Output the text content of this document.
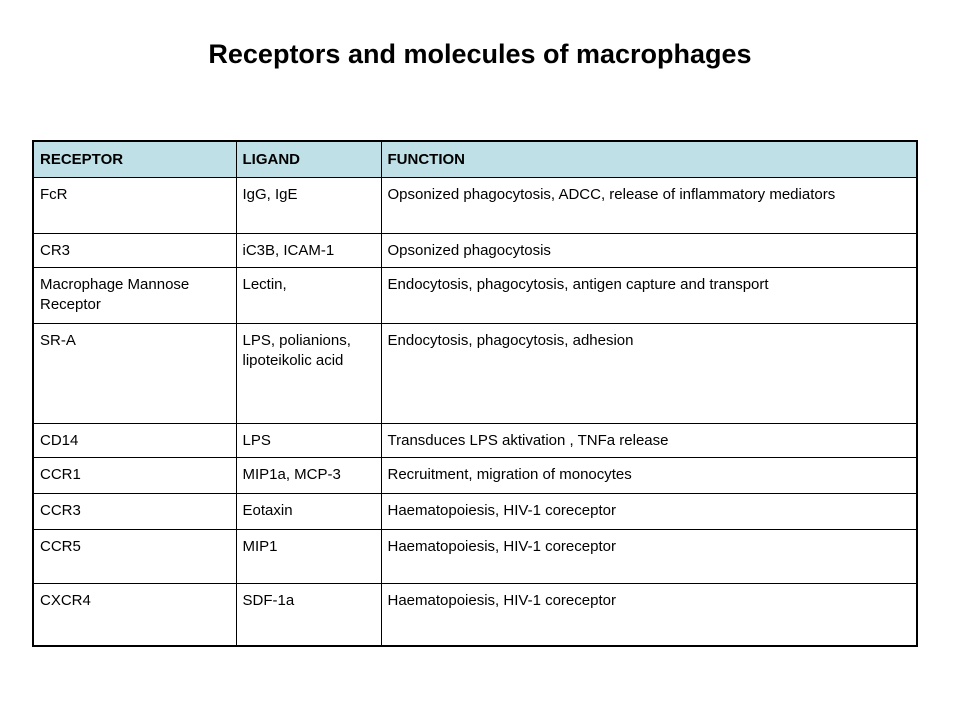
Receptors and molecules of macrophages
RECEPTOR	LIGAND	FUNCTION
FcR	IgG, IgE	Opsonized phagocytosis, ADCC, release of inflammatory mediators
CR3	iC3B, ICAM-1	Opsonized phagocytosis
Macrophage Mannose Receptor	Lectin,	Endocytosis, phagocytosis, antigen capture and transport
SR-A	LPS, polianions, lipoteikolic acid	Endocytosis, phagocytosis, adhesion
CD14	LPS	Transduces LPS aktivation , TNFa release
CCR1	MIP1a, MCP-3	Recruitment, migration of monocytes
CCR3	Eotaxin	Haematopoiesis, HIV-1 coreceptor
CCR5	MIP1	Haematopoiesis, HIV-1 coreceptor
CXCR4	SDF-1a	Haematopoiesis, HIV-1 coreceptor
